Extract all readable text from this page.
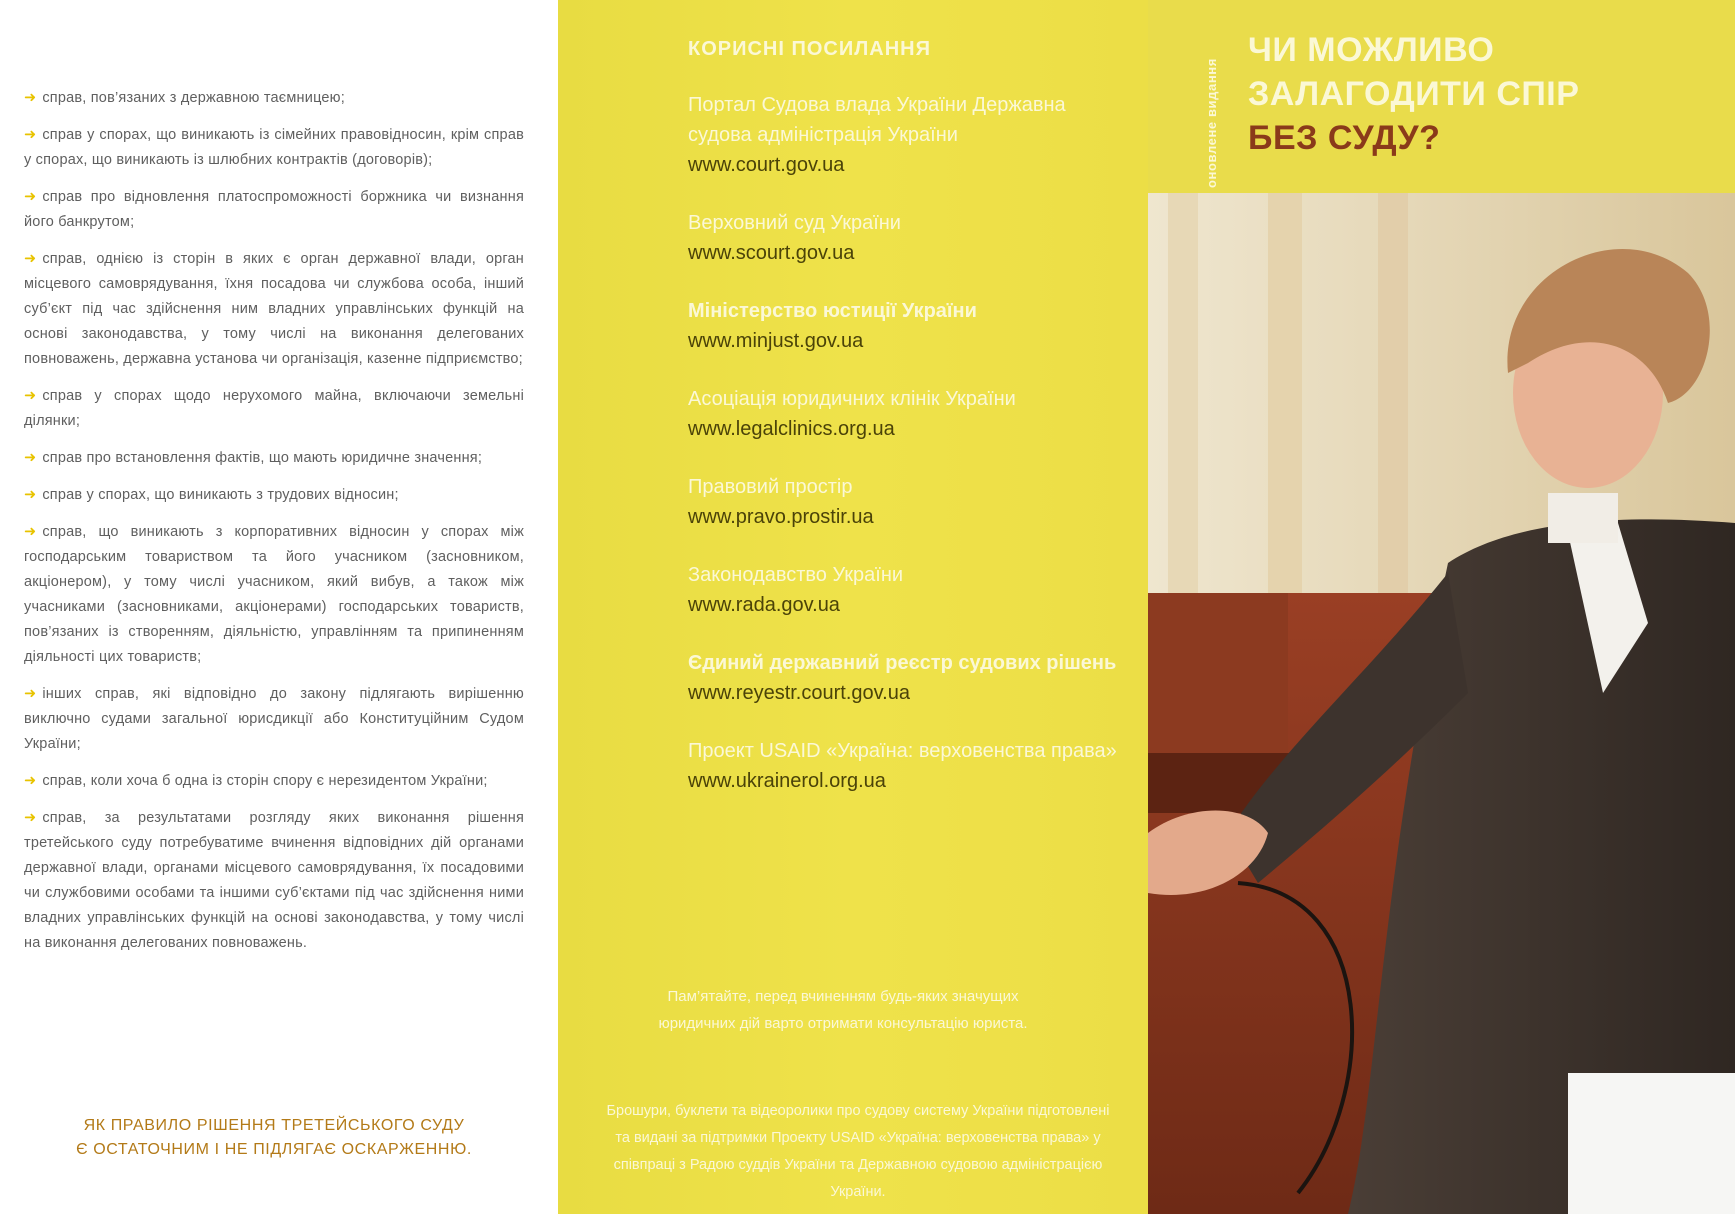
➜ справ, пов’язаних з державною таємницею;
➜ справ у спорах, що виникають із сімейних правовідносин, крім справ у спорах, що виникають із шлюбних контрактів (договорів);
➜ справ про відновлення платоспроможності боржника чи визнання його банкрутом;
➜ справ, однією із сторін в яких є орган державної влади, орган місцевого самоврядування, їхня посадова чи службова особа, інший суб’єкт під час здійснення ним владних управлінських функцій на основі законодавства, у тому числі на виконання делегованих повноважень, державна установа чи організація, казенне підприємство;
➜ справ у спорах щодо нерухомого майна, включаючи земельні ділянки;
➜ справ про встановлення фактів, що мають юридичне значення;
➜ справ у спорах, що виникають з трудових відносин;
➜ справ, що виникають з корпоративних відносин у спорах між господарським товариством та його учасником (засновником, акціонером), у тому числі учасником, який вибув, а також між учасниками (засновниками, акціонерами) господарських товариств, пов’язаних із створенням, діяльністю, управлінням та припиненням діяльності цих товариств;
➜ інших справ, які відповідно до закону підлягають вирішенню виключно судами загальної юрисдикції або Конституційним Судом України;
➜ справ, коли хоча б одна із сторін спору є нерезидентом України;
➜ справ, за результатами розгляду яких виконання рішення третейського суду потребуватиме вчинення відповідних дій органами державної влади, органами місцевого самоврядування, їх посадовими чи службовими особами та іншими суб’єктами під час здійснення ними владних управлінських функцій на основі законодавства, у тому числі на виконання делегованих повноважень.
ЯК ПРАВИЛО РІШЕННЯ ТРЕТЕЙСЬКОГО СУДУ
Є ОСТАТОЧНИМ І НЕ ПІДЛЯГАЄ ОСКАРЖЕННЮ.
КОРИСНІ ПОСИЛАННЯ
Портал Судова влада України Державна судова адміністрація України
www.court.gov.ua
Верховний суд України
www.scourt.gov.ua
Міністерство юстиції України
www.minjust.gov.ua
Асоціація юридичних клінік України
www.legalclinics.org.ua
Правовий простір
www.pravo.prostir.ua
Законодавство України
www.rada.gov.ua
Єдиний державний реєстр судових рішень
www.reyestr.court.gov.ua
Проект USAID «Україна: верховенства права»
www.ukrainerol.org.ua

Пам’ятайте, перед вчиненням будь-яких значущих юридичних дій варто отримати консультацію юриста.

Брошури, буклети та відеоролики про судову систему України підготовлені та видані за підтримки Проекту USAID «Україна: верховенства права» у співпраці з Радою суддів України та Державною судовою адміністрацією України.

оновлене видання
ЧИ МОЖЛИВО
ЗАЛАГОДИТИ СПІР
БЕЗ СУДУ?
